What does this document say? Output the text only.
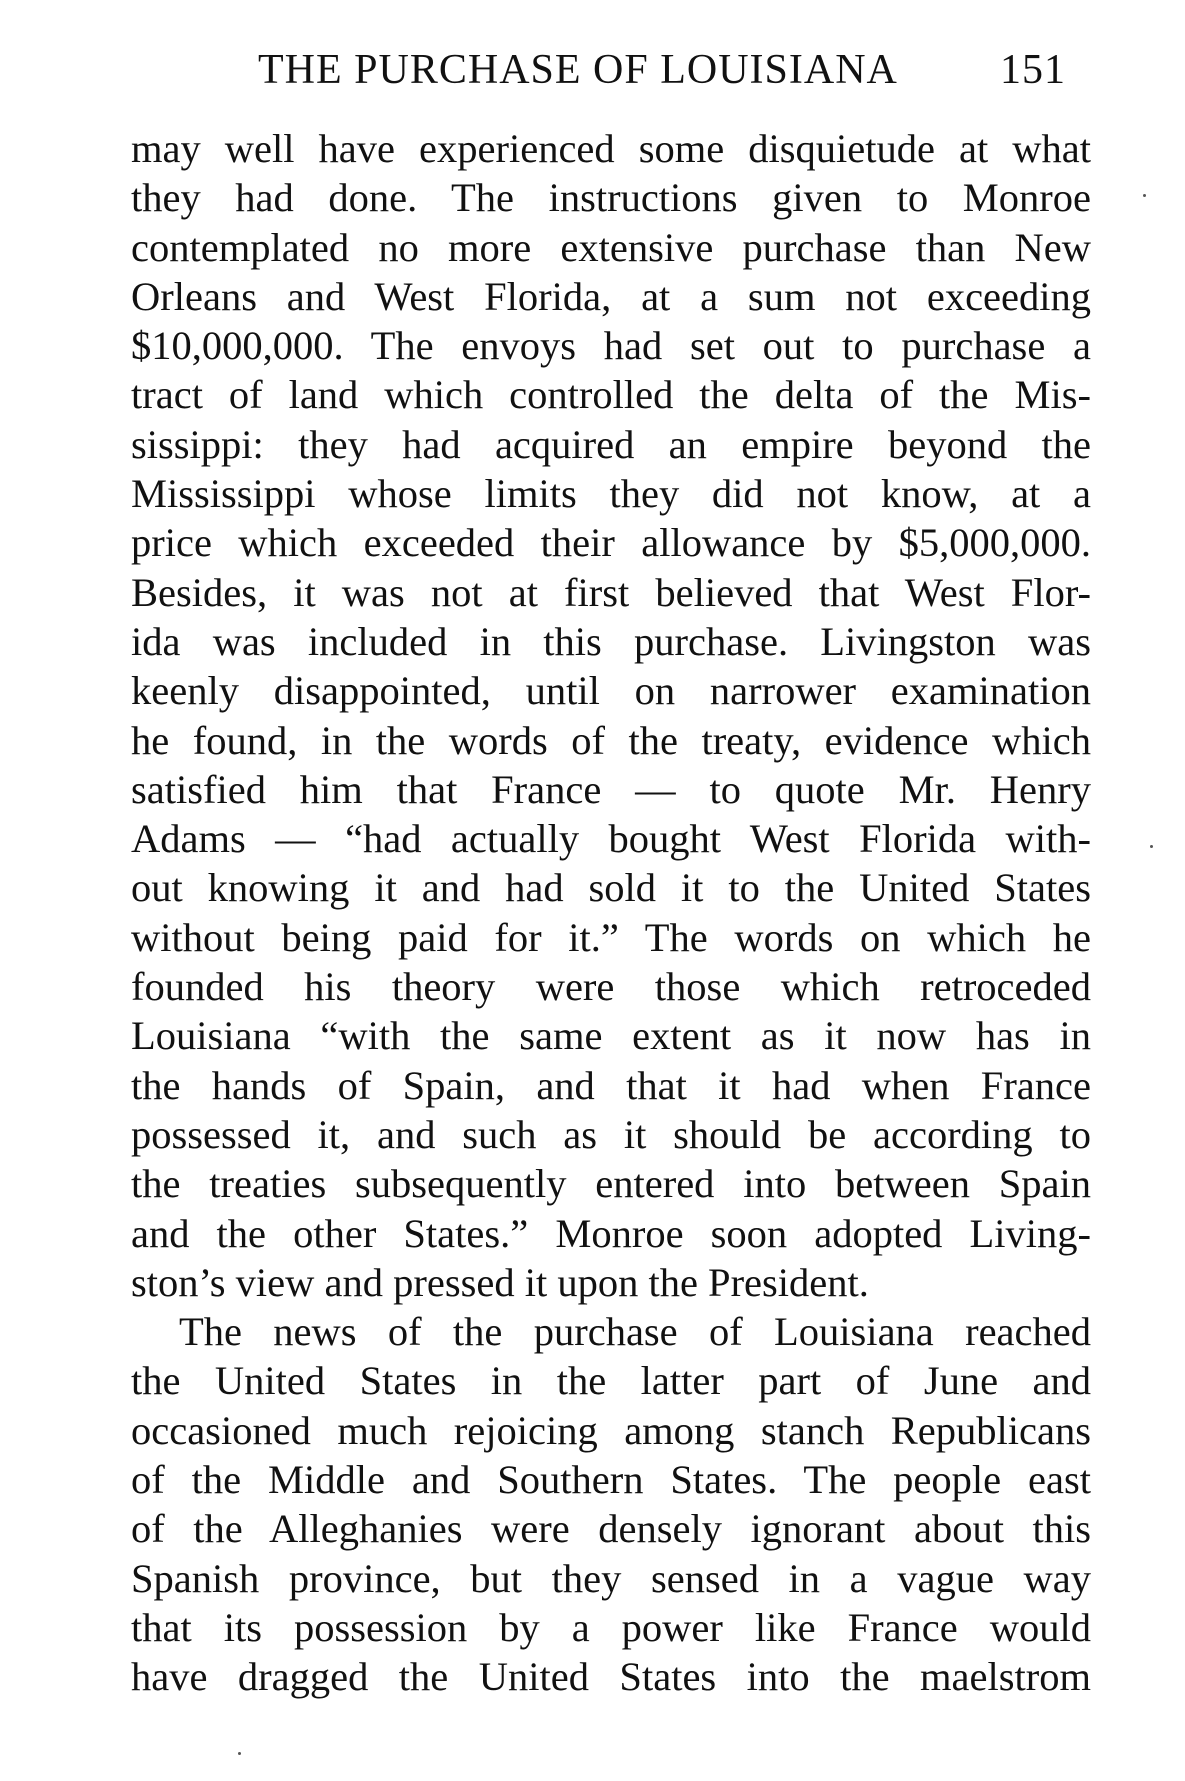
THE PURCHASE OF LOUISIANA 151
may well have experienced some disquietude at what
they had done. The instructions given to Monroe
contemplated no more extensive purchase than New
Orleans and West Florida, at a sum not exceeding
$10,000,000. The envoys had set out to purchase a
tract of land which controlled the delta of the Mis-
sissippi: they had acquired an empire beyond the
Mississippi whose limits they did not know, at a
price which exceeded their allowance by $5,000,000.
Besides, it was not at first believed that West Flor-
ida was included in this purchase. Livingston was
keenly disappointed, until on narrower examination
he found, in the words of the treaty, evidence which
satisfied him that France — to quote Mr. Henry
Adams — “had actually bought West Florida with-
out knowing it and had sold it to the United States
without being paid for it.” The words on which he
founded his theory were those which retroceded
Louisiana “with the same extent as it now has in
the hands of Spain, and that it had when France
possessed it, and such as it should be according to
the treaties subsequently entered into between Spain
and the other States.” Monroe soon adopted Living-
ston’s view and pressed it upon the President.
The news of the purchase of Louisiana reached
the United States in the latter part of June and
occasioned much rejoicing among stanch Republicans
of the Middle and Southern States. The people east
of the Alleghanies were densely ignorant about this
Spanish province, but they sensed in a vague way
that its possession by a power like France would
have dragged the United States into the maelstrom
